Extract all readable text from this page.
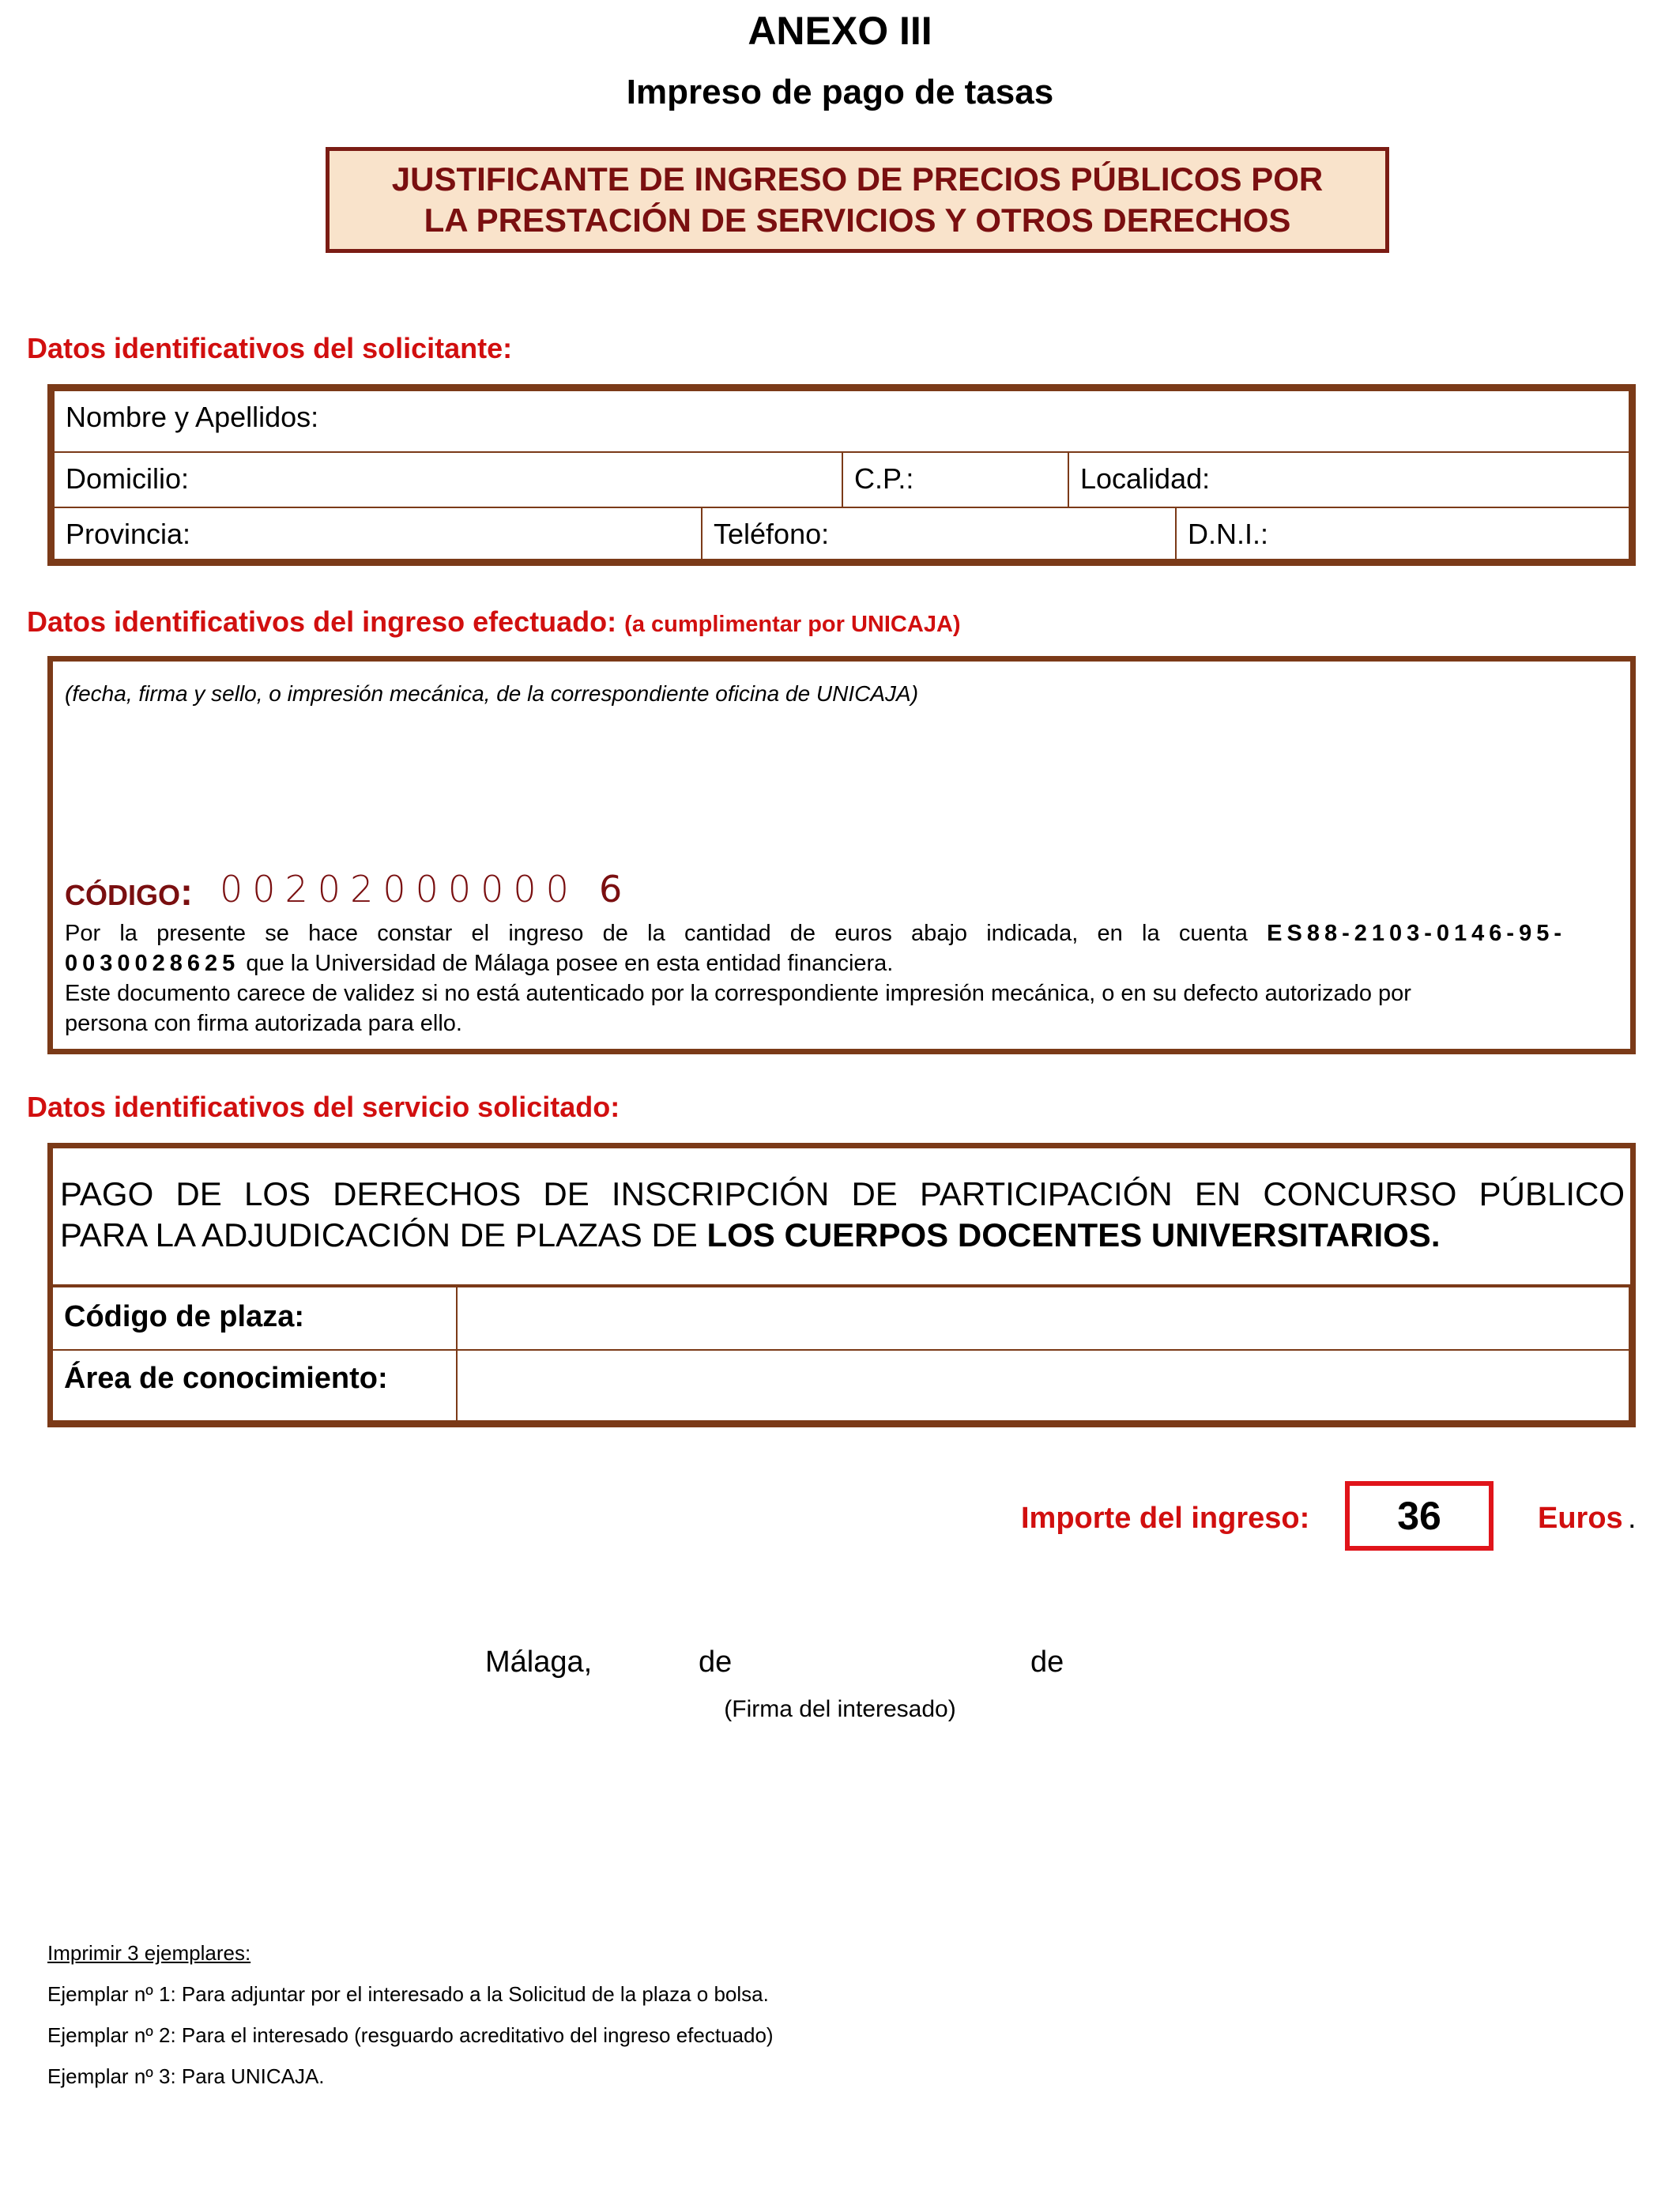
ANEXO III
Impreso de pago de tasas
JUSTIFICANTE DE INGRESO DE PRECIOS PÚBLICOS POR
LA PRESTACIÓN DE SERVICIOS Y OTROS DERECHOS
Datos identificativos del solicitante:
Nombre y Apellidos:
Domicilio:	C.P.:	Localidad:
Provincia:	Teléfono:	D.N.I.:
Datos identificativos del ingreso efectuado: (a cumplimentar por UNICAJA)
(fecha, firma y sello, o impresión mecánica, de la correspondiente oficina de UNICAJA)
CÓDIGO: 00202000000 6
Por la presente se hace constar el ingreso de la cantidad de euros abajo indicada, en la cuenta ES88-2103-0146-95-
0030028625 que la Universidad de Málaga posee en esta entidad financiera.
Este documento carece de validez si no está autenticado por la correspondiente impresión mecánica, o en su defecto autorizado por
persona con firma autorizada para ello.
Datos identificativos del servicio solicitado:
PAGO DE LOS DERECHOS DE INSCRIPCIÓN DE PARTICIPACIÓN EN CONCURSO PÚBLICO
PARA LA ADJUDICACIÓN DE PLAZAS DE LOS CUERPOS DOCENTES UNIVERSITARIOS.
Código de plaza:
Área de conocimiento:
Importe del ingreso: 36	Euros .
Málaga,	de	de
(Firma del interesado)
Imprimir 3 ejemplares:
Ejemplar nº 1: Para adjuntar por el interesado a la Solicitud de la plaza o bolsa.
Ejemplar nº 2: Para el interesado (resguardo acreditativo del ingreso efectuado)
Ejemplar nº 3: Para UNICAJA.
